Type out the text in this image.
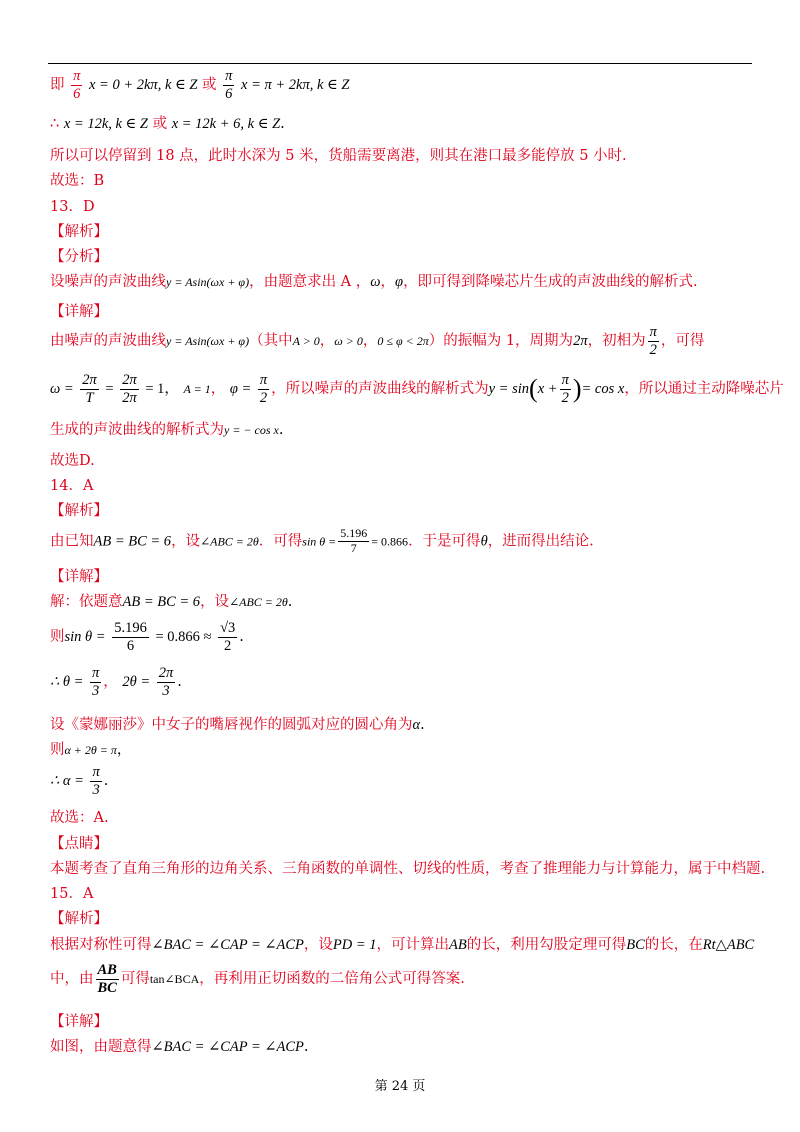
即 $\frac{\pi}{6}$ x = 0 + 2kπ, k ∈ Z 或 $\frac{\pi}{6}$ x = π + 2kπ, k ∈ Z
∴ x = 12k, k ∈ Z 或 x = 12k + 6, k ∈ Z.
所以可以停留到 18 点，此时水深为 5 米，货船需要离港，则其在港口最多能停放 5 小时.
故选：B
13．D
【解析】
【分析】
设噪声的声波曲线y = Asin(ωx + φ)，由题意求出 A ，ω，φ，即可得到降噪芯片生成的声波曲线的解析式.
【详解】
由噪声的声波曲线y = Asin(ωx + φ)（其中A > 0，ω > 0，0 ≤ φ < 2π）的振幅为 1，周期为2π，初相为 $\frac{\pi}{2}$ ，可得
$\omega = \frac{2\pi}{T} = \frac{2\pi}{2\pi} = 1$， A = 1， $\varphi = \frac{\pi}{2}$ ，所以噪声的声波曲线的解析式为$y = \sin(x + \frac{\pi}{2}$ )= cos x，所以通过主动降噪芯片
生成的声波曲线的解析式为y = − cos x.
故选D.
14．A
【解析】
由已知AB = BC = 6，设∠ABC = 2θ．可得$\sin \theta = \frac{5.196}{7} = 0.866$．于是可得θ，进而得出结论.
【详解】
解：依题意AB = BC = 6，设∠ABC = 2θ.
则$\sin \theta = \frac{5.196}{6} = 0.866 \approx \frac{√3}{2}$ .
∴ $\theta = \frac{\pi}{3}$ ， $2\theta = \frac{2\pi}{3}$ .
设《蒙娜丽莎》中女子的嘴唇视作的圆弧对应的圆心角为α.
则α + 2θ = π，
∴ $\alpha = \frac{\pi}{3}$ .
故选：A.
【点睛】
本题考查了直角三角形的边角关系、三角函数的单调性、切线的性质，考查了推理能力与计算能力，属于中档题.
15．A
【解析】
根据对称性可得∠BAC = ∠CAP = ∠ACP，设PD = 1，可计算出AB的长，利用勾股定理可得BC的长，在Rt△ABC
中，由 $\frac{AB}{BC}$ 可得tan∠BCA，再利用正切函数的二倍角公式可得答案.
【详解】
如图，由题意得∠BAC = ∠CAP = ∠ACP.
第 24 页
